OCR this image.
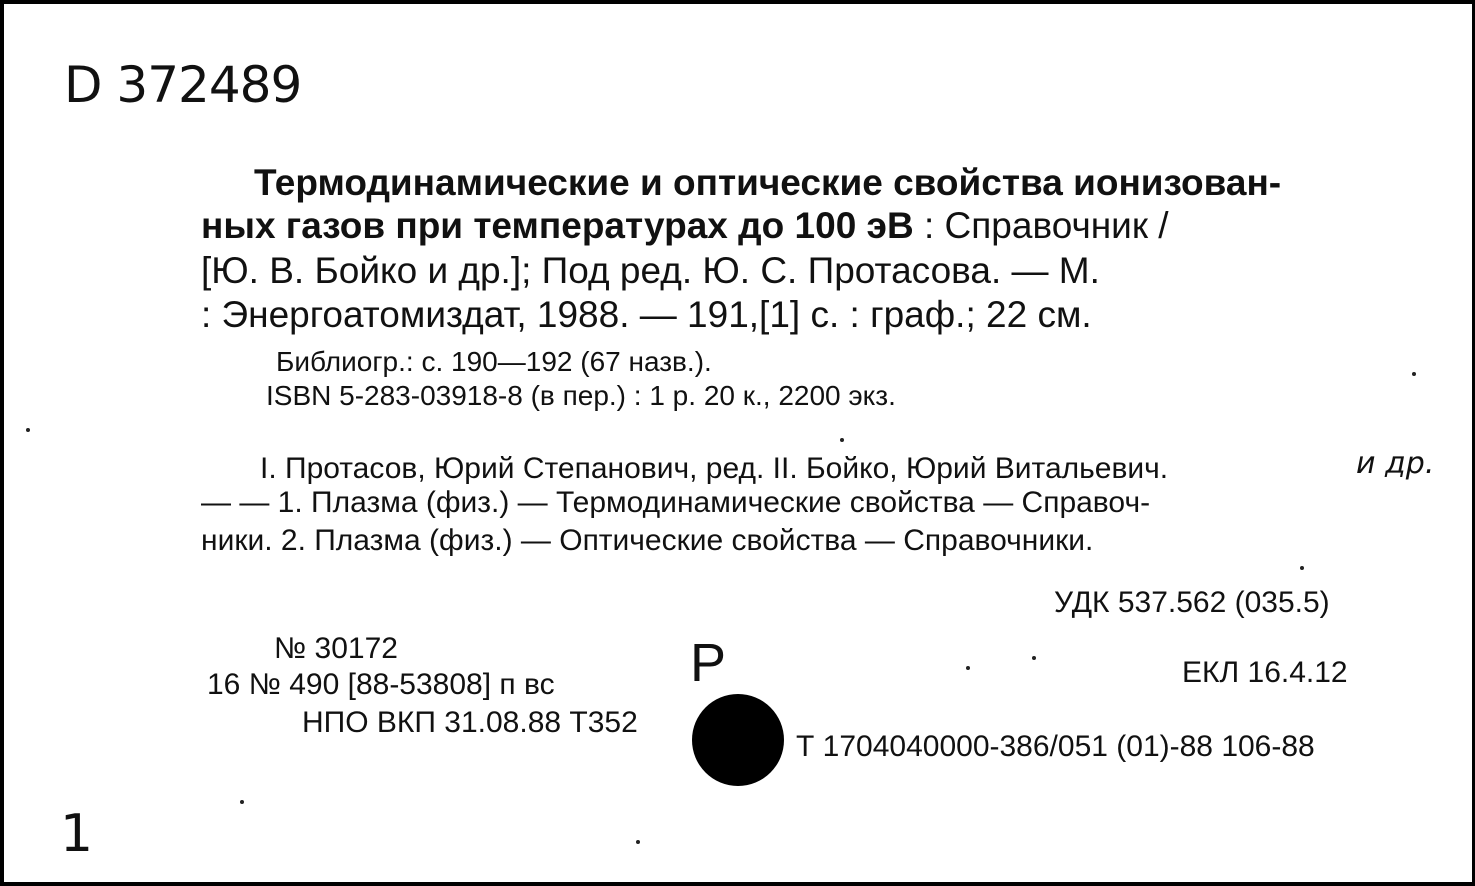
D 372489
Термодинамические и оптические свойства ионизован-
ных газов при температурах до 100 эВ : Справочник /
[Ю. В. Бойко и др.]; Под ред. Ю. С. Протасова. — М.
: Энергоатомиздат, 1988. — 191,[1] с. : граф.; 22 см.
Библиогр.: с. 190—192 (67 назв.).
ISBN 5-283-03918-8 (в пер.) : 1 р. 20 к., 2200 экз.
I. Протасов, Юрий Степанович, ред. II. Бойко, Юрий Витальевич.	и др.
— — 1. Плазма (физ.) — Термодинамические свойства — Справоч-
ники. 2. Плазма (физ.) — Оптические свойства — Справочники.
УДК 537.562 (035.5)
№ 30172
16 № 490 [88-53808] п вс
НПО ВКП 31.08.88 Т352
Р	ЕКЛ 16.4.12
Т 1704040000-386/051 (01)-88 106-88
1
